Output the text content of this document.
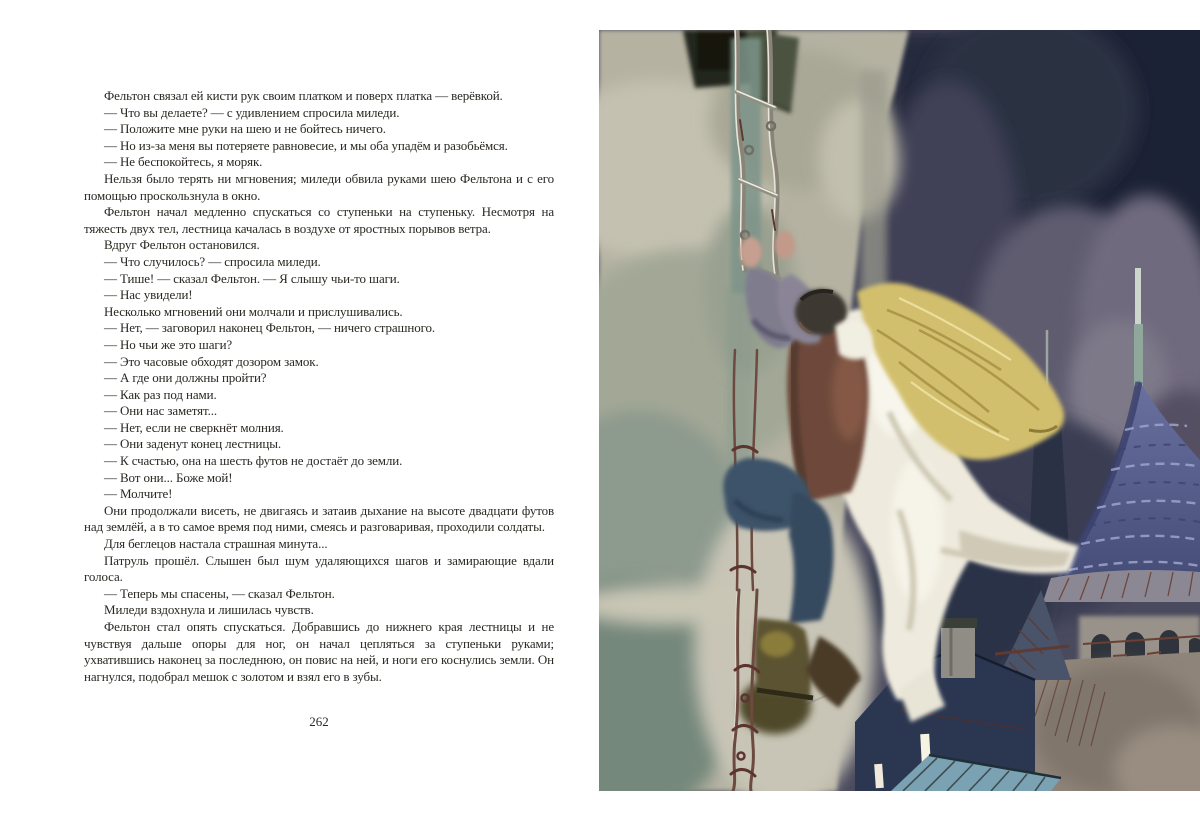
Фельтон связал ей кисти рук своим платком и поверх платка — верёвкой.

— Что вы делаете? — с удивлением спросила миледи.

— Положите мне руки на шею и не бойтесь ничего.

— Но из-за меня вы потеряете равновесие, и мы оба упадём и разобьёмся.

— Не беспокойтесь, я моряк.

Нельзя было терять ни мгновения; миледи обвила руками шею Фельтона и с его помощью проскользнула в окно.

Фельтон начал медленно спускаться со ступеньки на ступеньку. Несмотря на тяжесть двух тел, лестница качалась в воздухе от яростных порывов ветра.

Вдруг Фельтон остановился.

— Что случилось? — спросила миледи.

— Тише! — сказал Фельтон. — Я слышу чьи-то шаги.

— Нас увидели!

Несколько мгновений они молчали и прислушивались.

— Нет, — заговорил наконец Фельтон, — ничего страшного.

— Но чьи же это шаги?

— Это часовые обходят дозором замок.

— А где они должны пройти?

— Как раз под нами.

— Они нас заметят...

— Нет, если не сверкнёт молния.

— Они заденут конец лестницы.

— К счастью, она на шесть футов не достаёт до земли.

— Вот они... Боже мой!

— Молчите!

Они продолжали висеть, не двигаясь и затаив дыхание на высоте двадцати футов над землёй, а в то самое время под ними, смеясь и разговаривая, проходили солдаты.

Для беглецов настала страшная минута...

Патруль прошёл. Слышен был шум удаляющихся шагов и замирающие вдали голоса.

— Теперь мы спасены, — сказал Фельтон.

Миледи вздохнула и лишилась чувств.

Фельтон стал опять спускаться. Добравшись до нижнего края лестницы и не чувствуя дальше опоры для ног, он начал цепляться за ступеньки руками; ухватившись наконец за последнюю, он повис на ней, и ноги его коснулись земли. Он нагнулся, подобрал мешок с золотом и взял его в зубы.

262
